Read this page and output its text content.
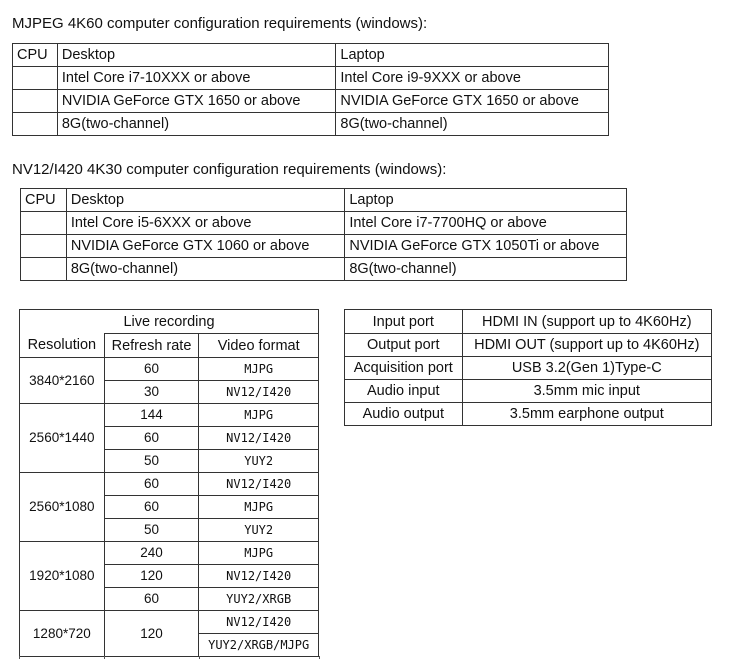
MJPEG 4K60 computer configuration requirements (windows):
CPU	Desktop	Laptop
	Intel Core i7-10XXX or above	Intel Core i9-9XXX or above
	NVIDIA GeForce GTX 1650 or above	NVIDIA GeForce GTX 1650 or above
	8G(two-channel)	8G(two-channel)
NV12/I420 4K30 computer configuration requirements (windows):
CPU	Desktop	Laptop
	Intel Core i5-6XXX or above	Intel Core i7-7700HQ or above
	NVIDIA GeForce GTX 1060 or above	NVIDIA GeForce GTX 1050Ti or above
	8G(two-channel)	8G(two-channel)
Live recording		
Resolution	Refresh rate	Video format
3840*2160	60	MJPG
	30	NV12/I420
2560*1440	144	MJPG
	60	NV12/I420
	50	YUY2
2560*1080	60	NV12/I420
	60	MJPG
	50	YUY2
1920*1080	240	MJPG
	120	NV12/I420
	60	YUY2/XRGB
1280*720	120	NV12/I420
		YUY2/XRGB/MJPG
Input port	HDMI IN (support up to 4K60Hz)
Output port	HDMI OUT (support up to 4K60Hz)
Acquisition port	USB 3.2(Gen 1)Type-C
Audio input	3.5mm mic input
Audio output	3.5mm earphone output
